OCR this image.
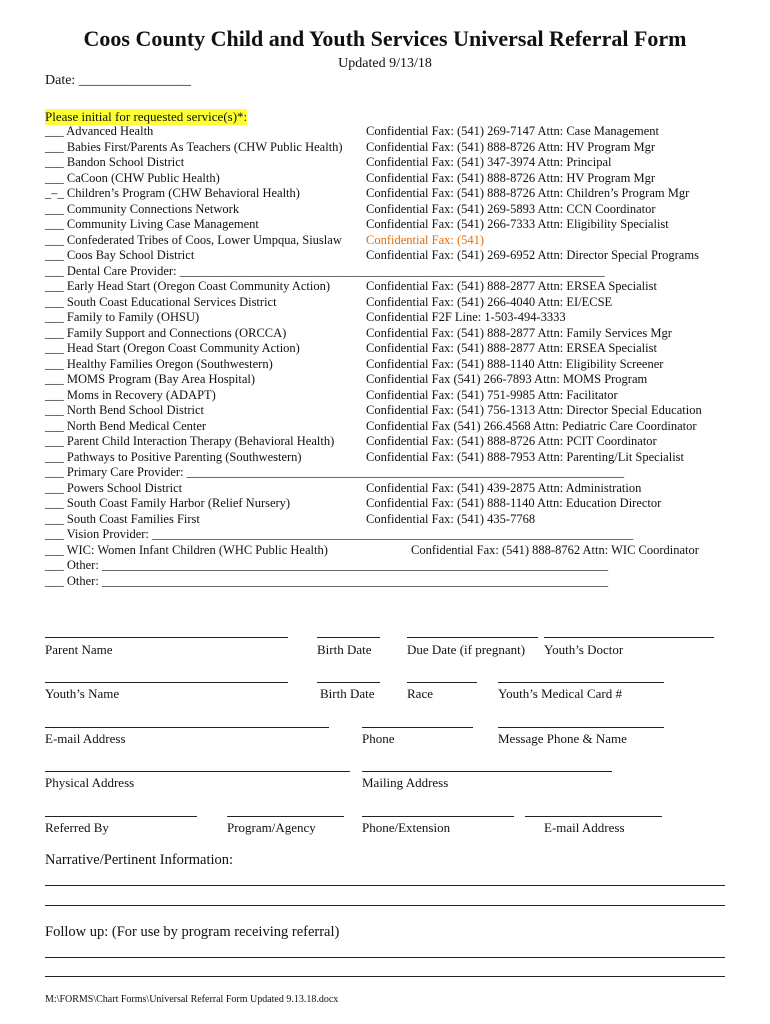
Coos County Child and Youth Services Universal Referral Form
Updated 9/13/18
Date: ________________
Please initial for requested service(s)*:
___ Advanced Health	Confidential Fax: (541) 269-7147 Attn: Case Management
___ Babies First/Parents As Teachers (CHW Public Health) Confidential Fax: (541) 888-8726 Attn: HV Program Mgr
___ Bandon School District	Confidential Fax: (541) 347-3974 Attn: Principal
___ CaCoon (CHW Public Health)	Confidential Fax: (541) 888-8726 Attn: HV Program Mgr
_–_ Children’s Program (CHW Behavioral Health)	Confidential Fax: (541) 888-8726 Attn: Children’s Program Mgr
___ Community Connections Network	Confidential Fax: (541) 269-5893 Attn: CCN Coordinator
___ Community Living Case Management	Confidential Fax: (541) 266-7333 Attn: Eligibility Specialist
___ Confederated Tribes of Coos, Lower Umpqua, Siuslaw Confidential Fax: (541)
___ Coos Bay School District	Confidential Fax: (541) 269-6952 Attn: Director Special Programs
___ Dental Care Provider: ____________________________________________________________________
___ Early Head Start (Oregon Coast Community Action)	Confidential Fax: (541) 888-2877 Attn: ERSEA Specialist
___ South Coast Educational Services District	Confidential Fax: (541) 266-4040 Attn: EI/ECSE
___ Family to Family (OHSU)	Confidential F2F Line: 1-503-494-3333
___ Family Support and Connections (ORCCA)	Confidential Fax: (541) 888-2877 Attn: Family Services Mgr
___ Head Start (Oregon Coast Community Action)	Confidential Fax: (541) 888-2877 Attn: ERSEA Specialist
___ Healthy Families Oregon (Southwestern)	Confidential Fax: (541) 888-1140 Attn: Eligibility Screener
___ MOMS Program (Bay Area Hospital)	Confidential Fax (541) 266-7893 Attn: MOMS Program
___ Moms in Recovery (ADAPT)	Confidential Fax: (541) 751-9985 Attn: Facilitator
___ North Bend School District	Confidential Fax: (541) 756-1313 Attn: Director Special Education
___ North Bend Medical Center	Confidential Fax (541) 266.4568 Attn: Pediatric Care Coordinator
___ Parent Child Interaction Therapy (Behavioral Health)	Confidential Fax: (541) 888-8726 Attn: PCIT Coordinator
___ Pathways to Positive Parenting (Southwestern)	Confidential Fax: (541) 888-7953 Attn: Parenting/Lit Specialist
___ Primary Care Provider: ______________________________________________________________________
___ Powers School District	Confidential Fax: (541) 439-2875 Attn: Administration
___ South Coast Family Harbor (Relief Nursery)	Confidential Fax: (541) 888-1140 Attn: Education Director
___ South Coast Families First	Confidential Fax: (541) 435-7768
___ Vision Provider: _____________________________________________________________________________
___ WIC: Women Infant Children (WHC Public Health)	Confidential Fax: (541) 888-8762 Attn: WIC Coordinator
___ Other: _________________________________________________________________________________
___ Other: _________________________________________________________________________________
Parent Name	Birth Date	Due Date (if pregnant) Youth’s Doctor
Youth’s Name	Birth Date Race	Youth’s Medical Card #
E-mail Address	Phone	Message Phone & Name
Physical Address	Mailing Address
Referred By	Program/Agency	Phone/Extension	E-mail Address
Narrative/Pertinent Information:
Follow up: (For use by program receiving referral)
M:\FORMS\Chart Forms\Universal Referral Form Updated 9.13.18.docx
